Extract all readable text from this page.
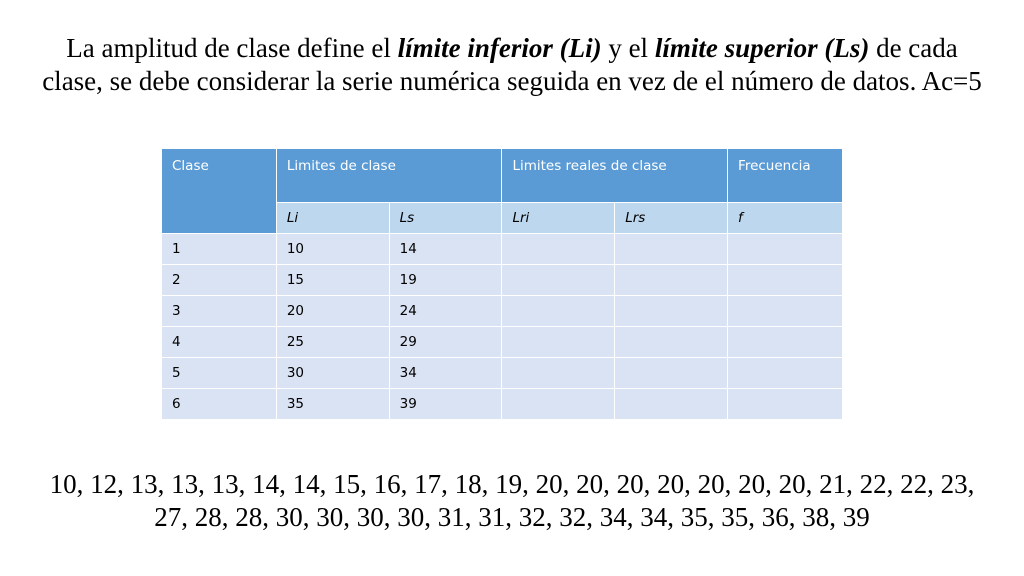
La amplitud de clase define el límite inferior (Li) y el límite superior (Ls) de cada clase, se debe considerar la serie numérica seguida en vez de el número de datos. Ac=5
Clase	Limites de clase		Limites reales de clase		Frecuencia
	Li	Ls	Lri	Lrs	f
1	10	14			
2	15	19			
3	20	24			
4	25	29			
5	30	34			
6	35	39			
10, 12, 13, 13, 13, 14, 14, 15, 16, 17, 18, 19, 20, 20, 20, 20, 20, 20, 20, 21, 22, 22, 23, 27, 28, 28, 30, 30, 30, 30, 31, 31, 32, 32, 34, 34, 35, 35, 36, 38, 39
